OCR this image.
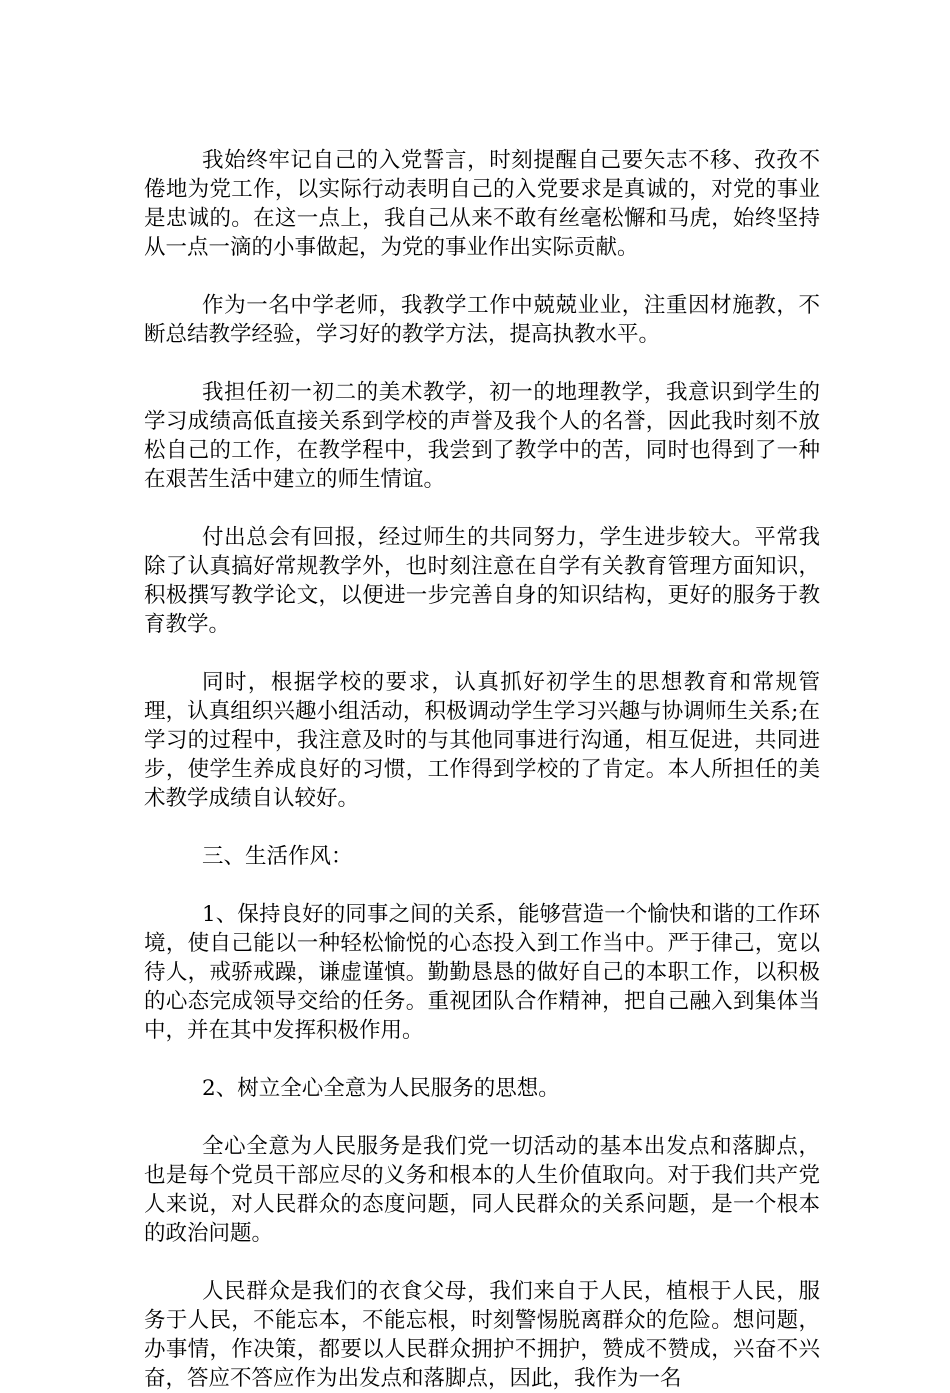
我始终牢记自己的入党誓言，时刻提醒自己要矢志不移、孜孜不倦地为党工作，以实际行动表明自己的入党要求是真诚的，对党的事业是忠诚的。在这一点上，我自己从来不敢有丝毫松懈和马虎，始终坚持从一点一滴的小事做起，为党的事业作出实际贡献。

作为一名中学老师，我教学工作中兢兢业业，注重因材施教，不断总结教学经验，学习好的教学方法，提高执教水平。

我担任初一初二的美术教学，初一的地理教学，我意识到学生的学习成绩高低直接关系到学校的声誉及我个人的名誉，因此我时刻不放松自己的工作，在教学程中，我尝到了教学中的苦，同时也得到了一种在艰苦生活中建立的师生情谊。

付出总会有回报，经过师生的共同努力，学生进步较大。平常我除了认真搞好常规教学外，也时刻注意在自学有关教育管理方面知识，积极撰写教学论文，以便进一步完善自身的知识结构，更好的服务于教育教学。

同时，根据学校的要求，认真抓好初学生的思想教育和常规管理，认真组织兴趣小组活动，积极调动学生学习兴趣与协调师生关系;在学习的过程中，我注意及时的与其他同事进行沟通，相互促进，共同进步，使学生养成良好的习惯，工作得到学校的了肯定。本人所担任的美术教学成绩自认较好。

三、生活作风：

1、保持良好的同事之间的关系，能够营造一个愉快和谐的工作环境，使自己能以一种轻松愉悦的心态投入到工作当中。严于律己，宽以待人，戒骄戒躁，谦虚谨慎。勤勤恳恳的做好自己的本职工作，以积极的心态完成领导交给的任务。重视团队合作精神，把自己融入到集体当中，并在其中发挥积极作用。

2、树立全心全意为人民服务的思想。

全心全意为人民服务是我们党一切活动的基本出发点和落脚点，也是每个党员干部应尽的义务和根本的人生价值取向。对于我们共产党人来说，对人民群众的态度问题，同人民群众的关系问题，是一个根本的政治问题。

人民群众是我们的衣食父母，我们来自于人民，植根于人民，服务于人民，不能忘本，不能忘根，时刻警惕脱离群众的危险。想问题，办事情，作决策，都要以人民群众拥护不拥护，赞成不赞成，兴奋不兴奋，答应不答应作为出发点和落脚点，因此，我作为一名
